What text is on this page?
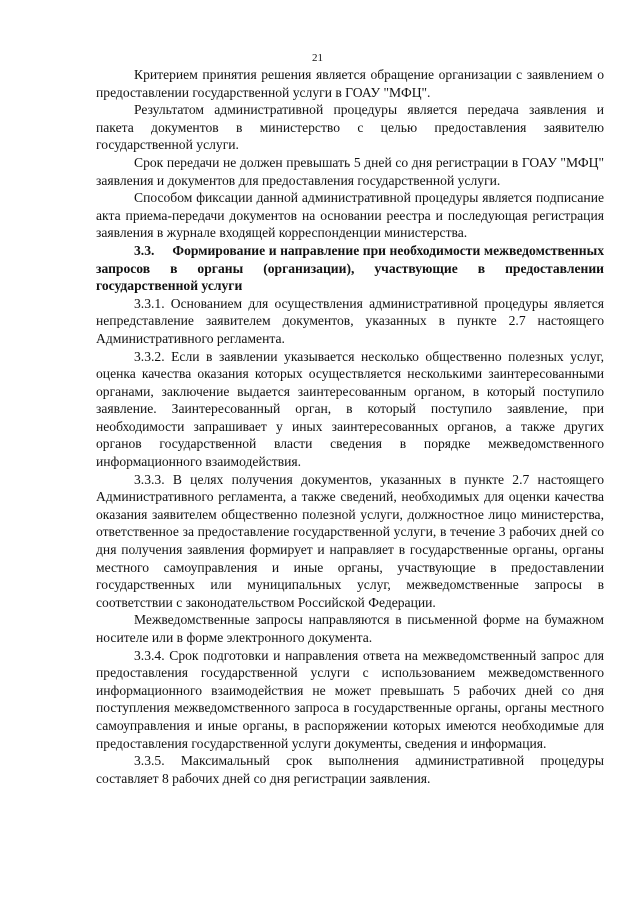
21

Критерием принятия решения является обращение организации с заявлением о предоставлении государственной услуги в ГОАУ "МФЦ".

Результатом административной процедуры является передача заявления и пакета документов в министерство с целью предоставления заявителю государственной услуги.

Срок передачи не должен превышать 5 дней со дня регистрации в ГОАУ "МФЦ" заявления и документов для предоставления государственной услуги.

Способом фиксации данной административной процедуры является подписание акта приема-передачи документов на основании реестра и последующая регистрация заявления в журнале входящей корреспонденции министерства.

3.3. Формирование и направление при необходимости межведомственных запросов в органы (организации), участвующие в предоставлении государственной услуги

3.3.1. Основанием для осуществления административной процедуры является непредставление заявителем документов, указанных в пункте 2.7 настоящего Административного регламента.

3.3.2. Если в заявлении указывается несколько общественно полезных услуг, оценка качества оказания которых осуществляется несколькими заинтересованными органами, заключение выдается заинтересованным органом, в который поступило заявление. Заинтересованный орган, в который поступило заявление, при необходимости запрашивает у иных заинтересованных органов, а также других органов государственной власти сведения в порядке межведомственного информационного взаимодействия.

3.3.3. В целях получения документов, указанных в пункте 2.7 настоящего Административного регламента, а также сведений, необходимых для оценки качества оказания заявителем общественно полезной услуги, должностное лицо министерства, ответственное за предоставление государственной услуги, в течение 3 рабочих дней со дня получения заявления формирует и направляет в государственные органы, органы местного самоуправления и иные органы, участвующие в предоставлении государственных или муниципальных услуг, межведомственные запросы в соответствии с законодательством Российской Федерации.

Межведомственные запросы направляются в письменной форме на бумажном носителе или в форме электронного документа.

3.3.4. Срок подготовки и направления ответа на межведомственный запрос для предоставления государственной услуги с использованием межведомственного информационного взаимодействия не может превышать 5 рабочих дней со дня поступления межведомственного запроса в государственные органы, органы местного самоуправления и иные органы, в распоряжении которых имеются необходимые для предоставления государственной услуги документы, сведения и информация.

3.3.5. Максимальный срок выполнения административной процедуры составляет 8 рабочих дней со дня регистрации заявления.
